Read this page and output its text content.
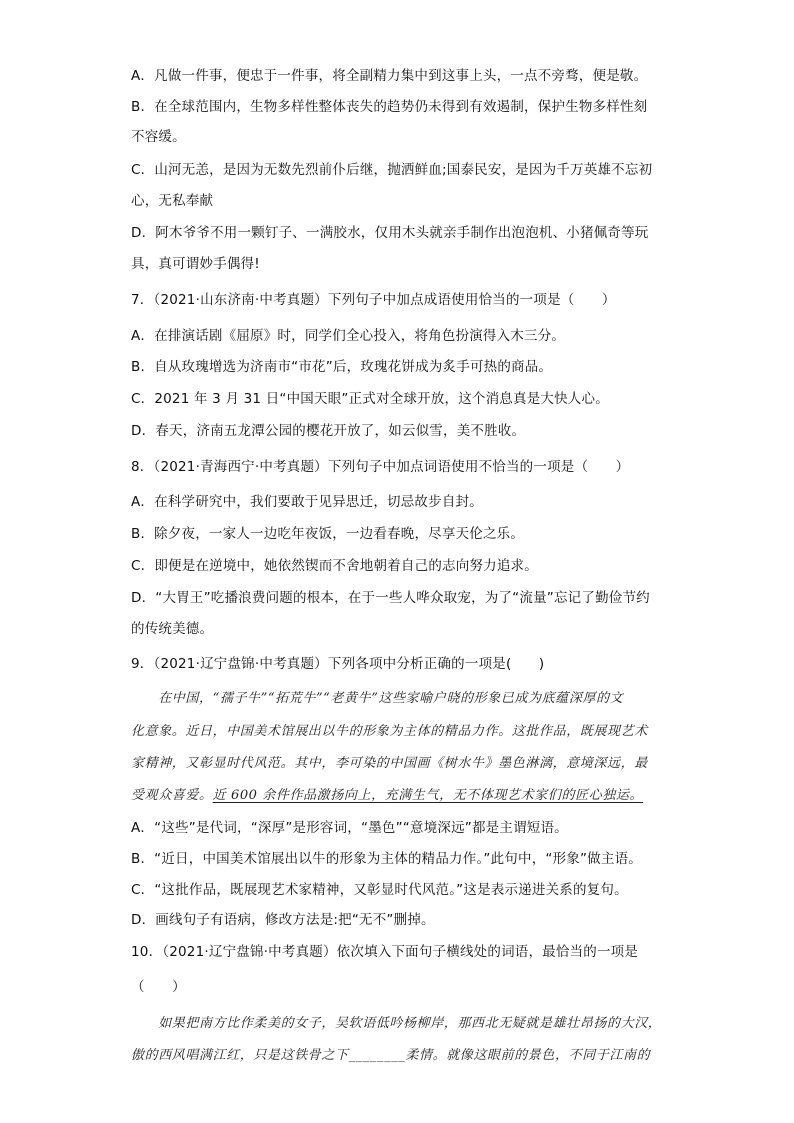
A．凡做一件事，便忠于一件事，将全副精力集中到这事上头，一点不旁骛，便是敬。
B．在全球范围内，生物多样性整体丧失的趋势仍未得到有效遏制，保护生物多样性刻
不容缓。
C．山河无恙，是因为无数先烈前仆后继，抛洒鲜血;国泰民安，是因为千万英雄不忘初
心，无私奉献
D．阿木爷爷不用一颗钉子、一满胶水，仅用木头就亲手制作出泡泡机、小猪佩奇等玩
具，真可谓妙手偶得!
7．（2021·山东济南·中考真题）下列句子中加点成语使用恰当的一项是（　　）
A．在排演话剧《屈原》时，同学们全心投入，将角色扮演得入木三分。
B．自从玫瑰增选为济南市“市花”后，玫瑰花饼成为炙手可热的商品。
C．2021 年 3 月 31 日“中国天眼”正式对全球开放，这个消息真是大快人心。
D．春天，济南五龙潭公园的樱花开放了，如云似雪，美不胜收。
8．（2021·青海西宁·中考真题）下列句子中加点词语使用不恰当的一项是（　　）
A．在科学研究中，我们要敢于见异思迁，切忌故步自封。
B．除夕夜，一家人一边吃年夜饭，一边看春晚，尽享天伦之乐。
C．即便是在逆境中，她依然锲而不舍地朝着自己的志向努力追求。
D．“大胃王”吃播浪费问题的根本，在于一些人哗众取宠，为了“流量”忘记了勤俭节约
的传统美德。
9．（2021·辽宁盘锦·中考真题）下列各项中分析正确的一项是(　　)
　　在中国，“孺子牛”“拓荒牛”“老黄牛”这些家喻户晓的形象已成为底蕴深厚的文
化意象。近日，中国美术馆展出以牛的形象为主体的精品力作。这批作品，既展现艺术
家精神，又彰显时代风范。其中，李可染的中国画《树水牛》墨色淋漓，意境深远，最
受观众喜爱。近 600 余件作品激扬向上，充满生气，无不体现艺术家们的匠心独运。
A．“这些”是代词，“深厚”是形容词，“墨色”“意境深远”都是主谓短语。
B．“近日，中国美术馆展出以牛的形象为主体的精品力作。”此句中，“形象”做主语。
C．“这批作品，既展现艺术家精神，又彰显时代风范。”这是表示递进关系的复句。
D．画线句子有语病，修改方法是:把“无不”删掉。
10．（2021·辽宁盘锦·中考真题）依次填入下面句子横线处的词语，最恰当的一项是
（　　）
　　如果把南方比作柔美的女子，吴软语低吟杨柳岸，那西北无疑就是雄壮昂扬的大汉，
傲的西风唱满江红，只是这铁骨之下________柔情。就像这眼前的景色，不同于江南的
